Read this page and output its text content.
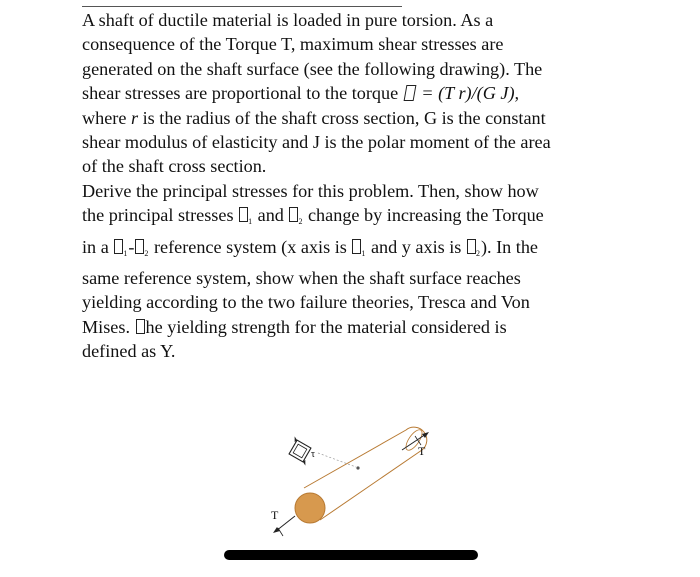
A shaft of ductile material is loaded in pure torsion. As a
consequence of the Torque T, maximum shear stresses are
generated on the shaft surface (see the following drawing). The
shear stresses are proportional to the torque  = (T r)/(G J),
where r is the radius of the shaft cross section, G is the constant
shear modulus of elasticity and J is the polar moment of the area
of the shaft cross section.
Derive the principal stresses for this problem. Then, show how
the principal stresses $_1$ and $_2$ change by increasing the Torque
in a $_1$- $_2$ reference system (x axis is $_1$ and y axis is $_2$). In the
same reference system, show when the shaft surface reaches
yielding according to the two failure theories, Tresca and Von
Mises. he yielding strength for the material considered is
defined as Y.
T
T
τ
